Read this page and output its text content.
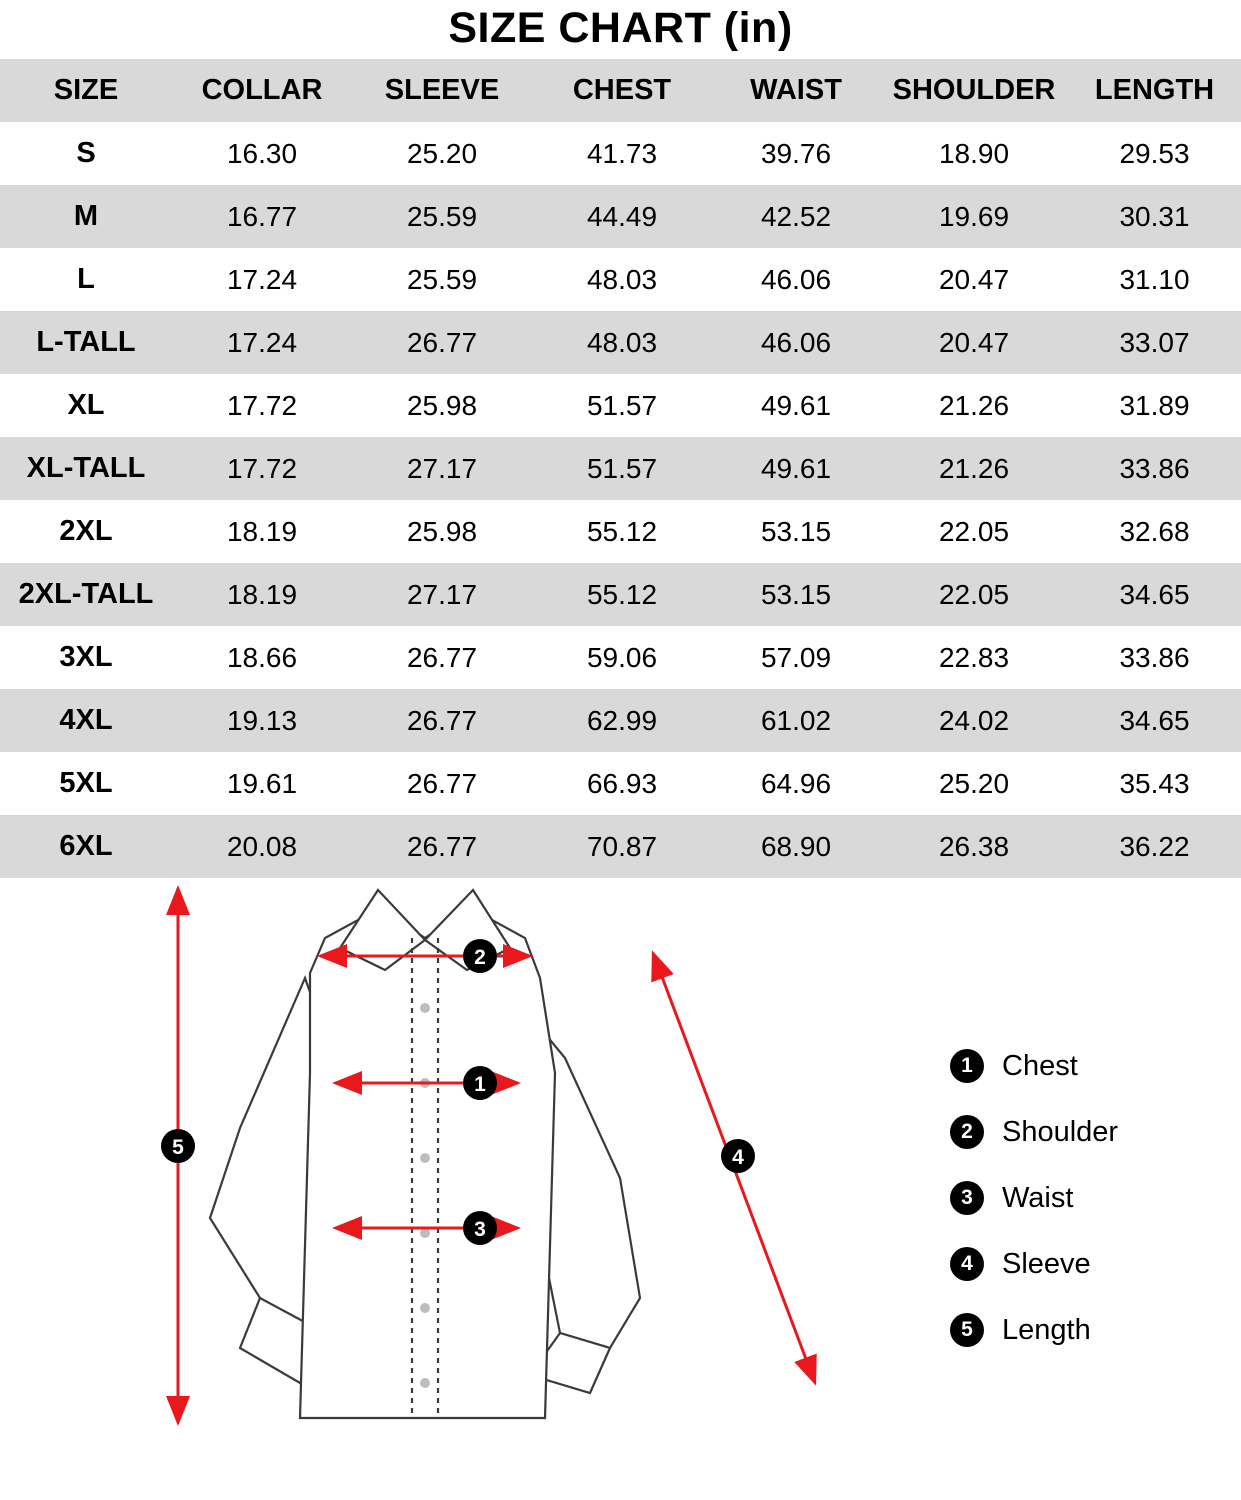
SIZE CHART (in)
SIZE	COLLAR	SLEEVE	CHEST	WAIST	SHOULDER	LENGTH
S	16.30	25.20	41.73	39.76	18.90	29.53
M	16.77	25.59	44.49	42.52	19.69	30.31
L	17.24	25.59	48.03	46.06	20.47	31.10
L-TALL	17.24	26.77	48.03	46.06	20.47	33.07
XL	17.72	25.98	51.57	49.61	21.26	31.89
XL-TALL	17.72	27.17	51.57	49.61	21.26	33.86
2XL	18.19	25.98	55.12	53.15	22.05	32.68
2XL-TALL	18.19	27.17	55.12	53.15	22.05	34.65
3XL	18.66	26.77	59.06	57.09	22.83	33.86
4XL	19.13	26.77	62.99	61.02	24.02	34.65
5XL	19.61	26.77	66.93	64.96	25.20	35.43
6XL	20.08	26.77	70.87	68.90	26.38	36.22
2
1
3
4
5
1	Chest
2	Shoulder
3	Waist
4	Sleeve
5	Length
